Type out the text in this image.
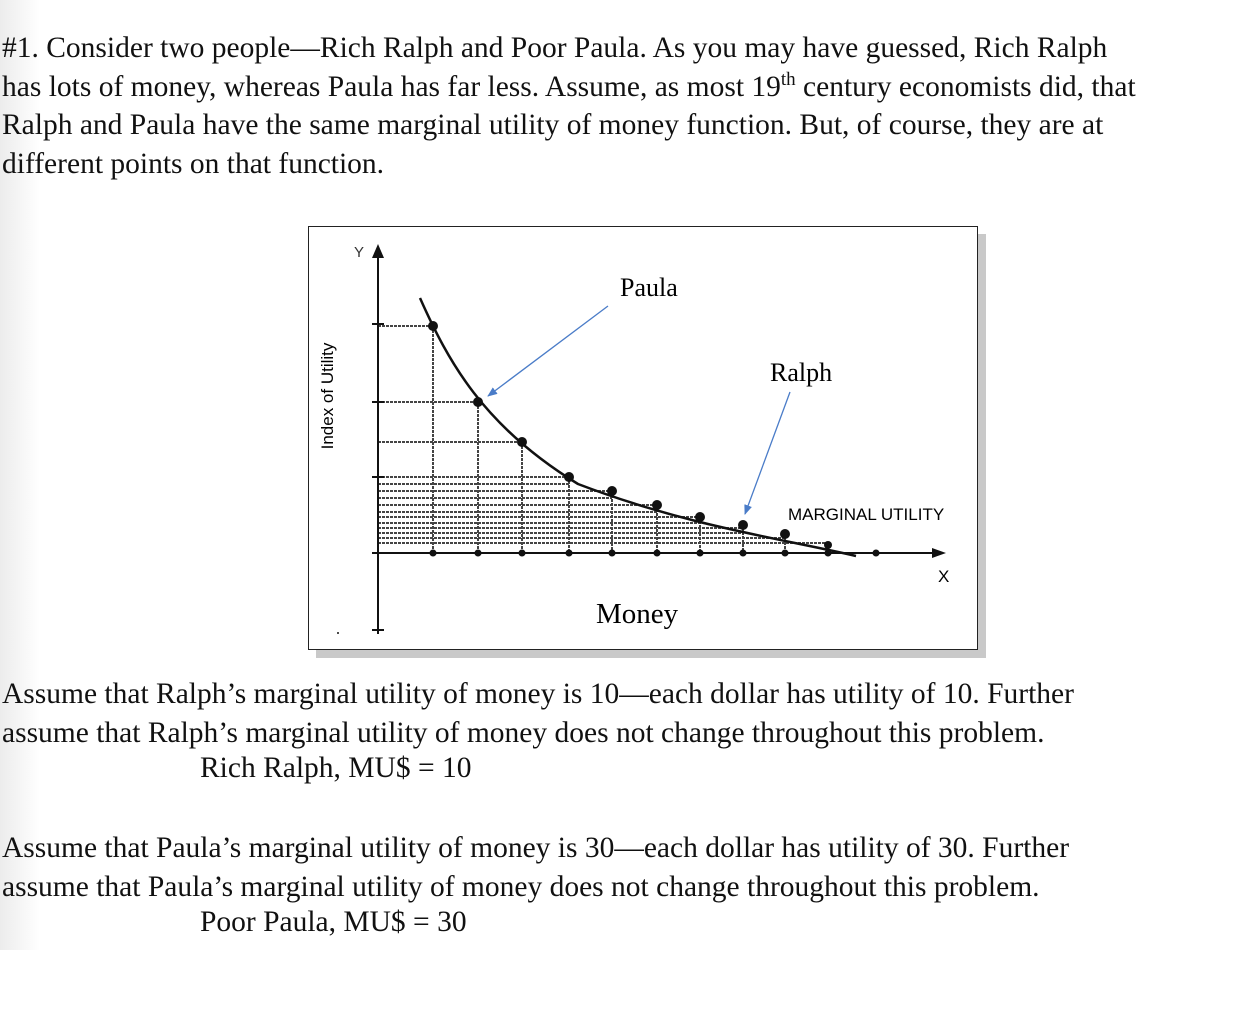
#1. Consider two people—Rich Ralph and Poor Paula. As you may have guessed, Rich Ralph
has lots of money, whereas Paula has far less. Assume, as most 19th century economists did, that
Ralph and Paula have the same marginal utility of money function. But, of course, they are at
different points on that function.
Paula
Ralph
Money
MARGINAL UTILITY
Y
X
Index of Utility
Assume that Ralph’s marginal utility of money is 10—each dollar has utility of 10. Further
assume that Ralph’s marginal utility of money does not change throughout this problem.
Rich Ralph, MU$ = 10
Assume that Paula’s marginal utility of money is 30—each dollar has utility of 30. Further
assume that Paula’s marginal utility of money does not change throughout this problem.
Poor Paula, MU$ = 30
